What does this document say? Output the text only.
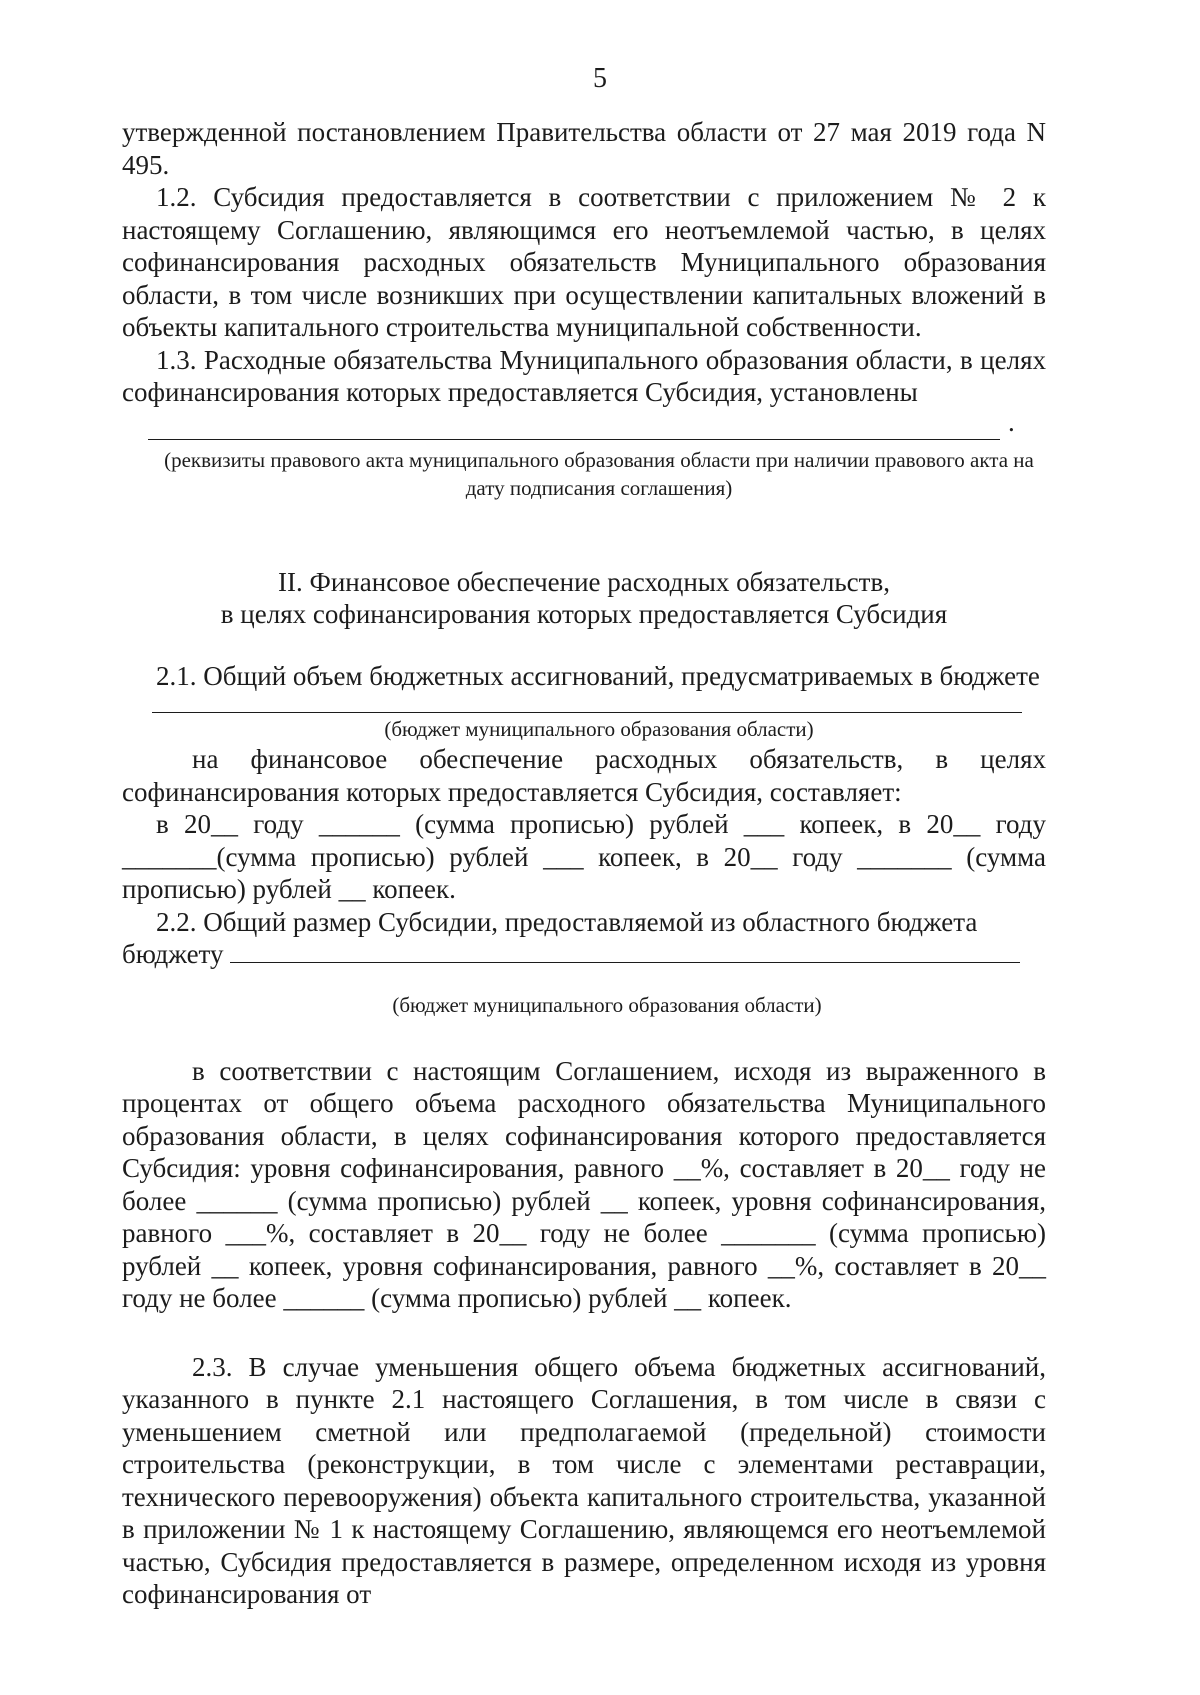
5

утвержденной постановлением Правительства области от 27 мая 2019 года N 495.

1.2. Субсидия предоставляется в соответствии с приложением № 2 к настоящему Соглашению, являющимся его неотъемлемой частью, в целях софинансирования расходных обязательств Муниципального образования области, в том числе возникших при осуществлении капитальных вложений в объекты капитального строительства муниципальной собственности.

1.3. Расходные обязательства Муниципального образования области, в целях софинансирования которых предоставляется Субсидия, установлены

.

(реквизиты правового акта муниципального образования области при наличии правового акта на дату подписания соглашения)

II. Финансовое обеспечение расходных обязательств,

в целях софинансирования которых предоставляется Субсидия

2.1. Общий объем бюджетных ассигнований, предусматриваемых в бюджете

(бюджет муниципального образования области)

на финансовое обеспечение расходных обязательств, в целях софинансирования которых предоставляется Субсидия, составляет:

в 20__ году ______ (сумма прописью) рублей ___ копеек, в 20__ году _______(сумма прописью) рублей ___ копеек, в 20__ году _______ (сумма прописью) рублей __ копеек.

2.2. Общий размер Субсидии, предоставляемой из областного бюджета

бюджету

(бюджет муниципального образования области)

в соответствии с настоящим Соглашением, исходя из выраженного в процентах от общего объема расходного обязательства Муниципального образования области, в целях софинансирования которого предоставляется Субсидия: уровня софинансирования, равного __%, составляет в 20__ году не более ______ (сумма прописью) рублей __ копеек, уровня софинансирования, равного ___%, составляет в 20__ году не более _______ (сумма прописью) рублей __ копеек, уровня софинансирования, равного __%, составляет в 20__ году не более ______ (сумма прописью) рублей __ копеек.

2.3. В случае уменьшения общего объема бюджетных ассигнований, указанного в пункте 2.1 настоящего Соглашения, в том числе в связи с уменьшением сметной или предполагаемой (предельной) стоимости строительства (реконструкции, в том числе с элементами реставрации, технического перевооружения) объекта капитального строительства, указанной в приложении № 1 к настоящему Соглашению, являющемся его неотъемлемой частью, Субсидия предоставляется в размере, определенном исходя из уровня софинансирования от
